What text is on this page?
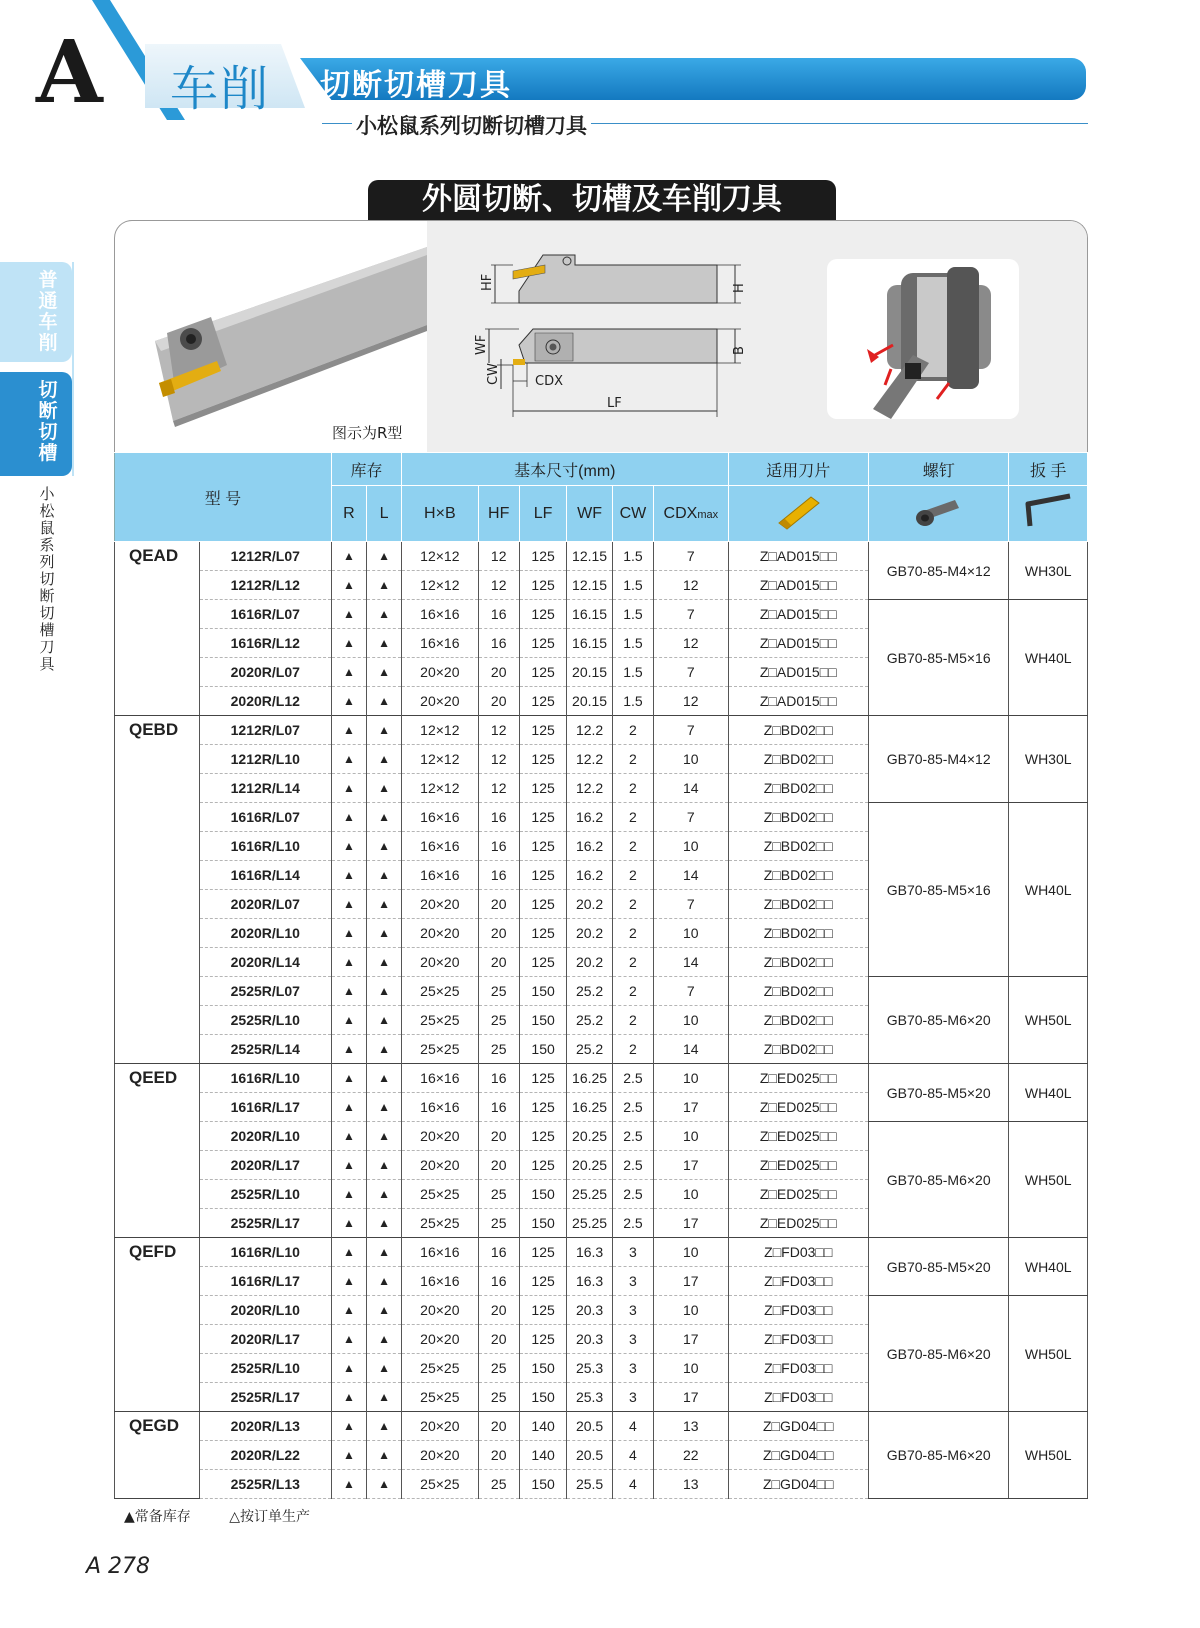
A 车削 切断切槽刀具
小松鼠系列切断切槽刀具
普通车削
切断切槽
小松鼠系列切断切槽刀具
外圆切断、切槽及车削刀具
HF	H
WF	B
CW	CDX
LF
图示为R型
型 号		库存		基本尺寸(mm)						适用刀片	螺钉	扳 手
		R	L	H×B	HF	LF	WF	CW	CDXmax			
QEAD	1212R/L07	▲	▲	12×12	12	125	12.15	1.5	7	Z□AD015□□	GB70-85-M4×12	WH30L
	1212R/L12	▲	▲	12×12	12	125	12.15	1.5	12	Z□AD015□□		
	1616R/L07	▲	▲	16×16	16	125	16.15	1.5	7	Z□AD015□□	GB70-85-M5×16	WH40L
	1616R/L12	▲	▲	16×16	16	125	16.15	1.5	12	Z□AD015□□		
	2020R/L07	▲	▲	20×20	20	125	20.15	1.5	7	Z□AD015□□		
	2020R/L12	▲	▲	20×20	20	125	20.15	1.5	12	Z□AD015□□		
QEBD	1212R/L07	▲	▲	12×12	12	125	12.2	2	7	Z□BD02□□	GB70-85-M4×12	WH30L
	1212R/L10	▲	▲	12×12	12	125	12.2	2	10	Z□BD02□□		
	1212R/L14	▲	▲	12×12	12	125	12.2	2	14	Z□BD02□□		
	1616R/L07	▲	▲	16×16	16	125	16.2	2	7	Z□BD02□□	GB70-85-M5×16	WH40L
	1616R/L10	▲	▲	16×16	16	125	16.2	2	10	Z□BD02□□		
	1616R/L14	▲	▲	16×16	16	125	16.2	2	14	Z□BD02□□		
	2020R/L07	▲	▲	20×20	20	125	20.2	2	7	Z□BD02□□		
	2020R/L10	▲	▲	20×20	20	125	20.2	2	10	Z□BD02□□		
	2020R/L14	▲	▲	20×20	20	125	20.2	2	14	Z□BD02□□		
	2525R/L07	▲	▲	25×25	25	150	25.2	2	7	Z□BD02□□	GB70-85-M6×20	WH50L
	2525R/L10	▲	▲	25×25	25	150	25.2	2	10	Z□BD02□□		
	2525R/L14	▲	▲	25×25	25	150	25.2	2	14	Z□BD02□□		
QEED	1616R/L10	▲	▲	16×16	16	125	16.25	2.5	10	Z□ED025□□	GB70-85-M5×20	WH40L
	1616R/L17	▲	▲	16×16	16	125	16.25	2.5	17	Z□ED025□□		
	2020R/L10	▲	▲	20×20	20	125	20.25	2.5	10	Z□ED025□□	GB70-85-M6×20	WH50L
	2020R/L17	▲	▲	20×20	20	125	20.25	2.5	17	Z□ED025□□		
	2525R/L10	▲	▲	25×25	25	150	25.25	2.5	10	Z□ED025□□		
	2525R/L17	▲	▲	25×25	25	150	25.25	2.5	17	Z□ED025□□		
QEFD	1616R/L10	▲	▲	16×16	16	125	16.3	3	10	Z□FD03□□	GB70-85-M5×20	WH40L
	1616R/L17	▲	▲	16×16	16	125	16.3	3	17	Z□FD03□□		
	2020R/L10	▲	▲	20×20	20	125	20.3	3	10	Z□FD03□□	GB70-85-M6×20	WH50L
	2020R/L17	▲	▲	20×20	20	125	20.3	3	17	Z□FD03□□		
	2525R/L10	▲	▲	25×25	25	150	25.3	3	10	Z□FD03□□		
	2525R/L17	▲	▲	25×25	25	150	25.3	3	17	Z□FD03□□		
QEGD	2020R/L13	▲	▲	20×20	20	140	20.5	4	13	Z□GD04□□	GB70-85-M6×20	WH50L
	2020R/L22	▲	▲	20×20	20	140	20.5	4	22	Z□GD04□□		
	2525R/L13	▲	▲	25×25	25	150	25.5	4	13	Z□GD04□□		
▲常备库存	△按订单生产
A 278
